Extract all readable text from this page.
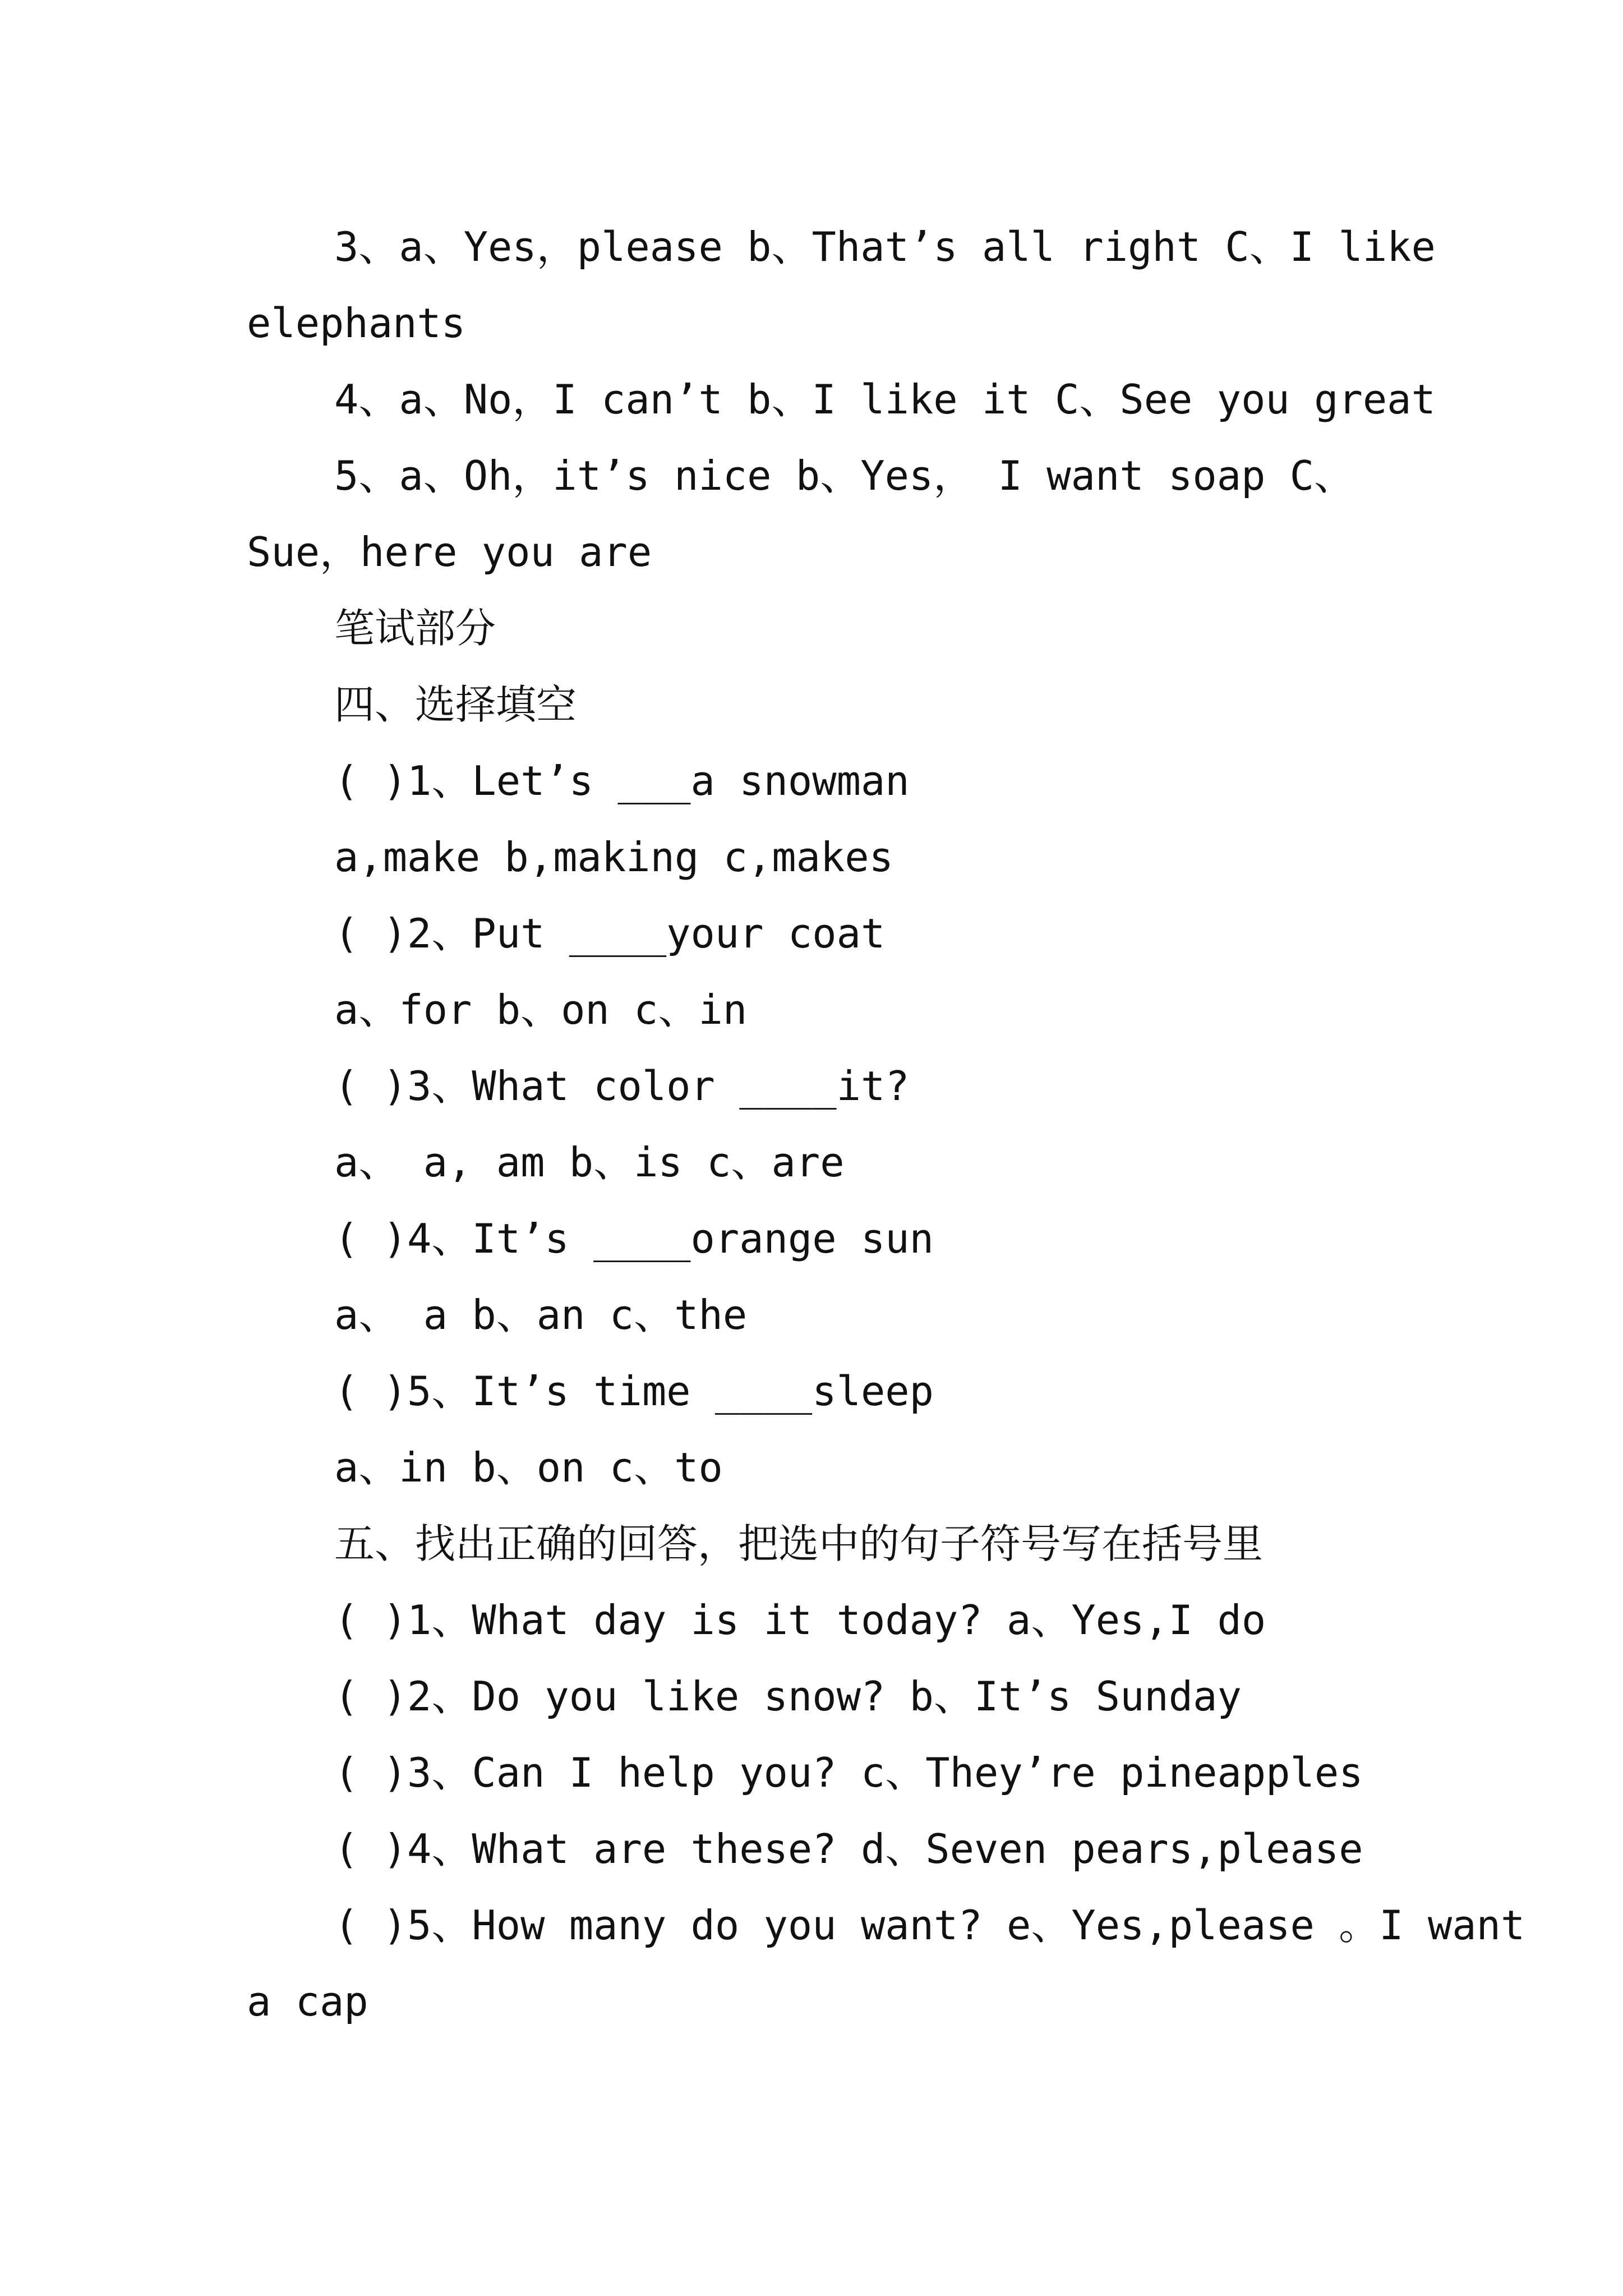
3、a、Yes，please b、That’s all right C、I like
elephants
4、a、No，I can’t b、I like it C、See you great
5、a、Oh，it’s nice b、Yes， I want soap C、
Sue，here you are
笔试部分
四、选择填空
( )1、Let’s ___a snowman
a,make b,making c,makes
( )2、Put ____your coat
a、for b、on c、in
( )3、What color ____it?
a、 a, am b、is c、are
( )4、It’s ____orange sun
a、 a b、an c、the
( )5、It’s time ____sleep
a、in b、on c、to
五、找出正确的回答，把选中的句子符号写在括号里
( )1、What day is it today? a、Yes,I do
( )2、Do you like snow? b、It’s Sunday
( )3、Can I help you? c、They’re pineapples
( )4、What are these? d、Seven pears,please
( )5、How many do you want? e、Yes,please 。I want
a cap
